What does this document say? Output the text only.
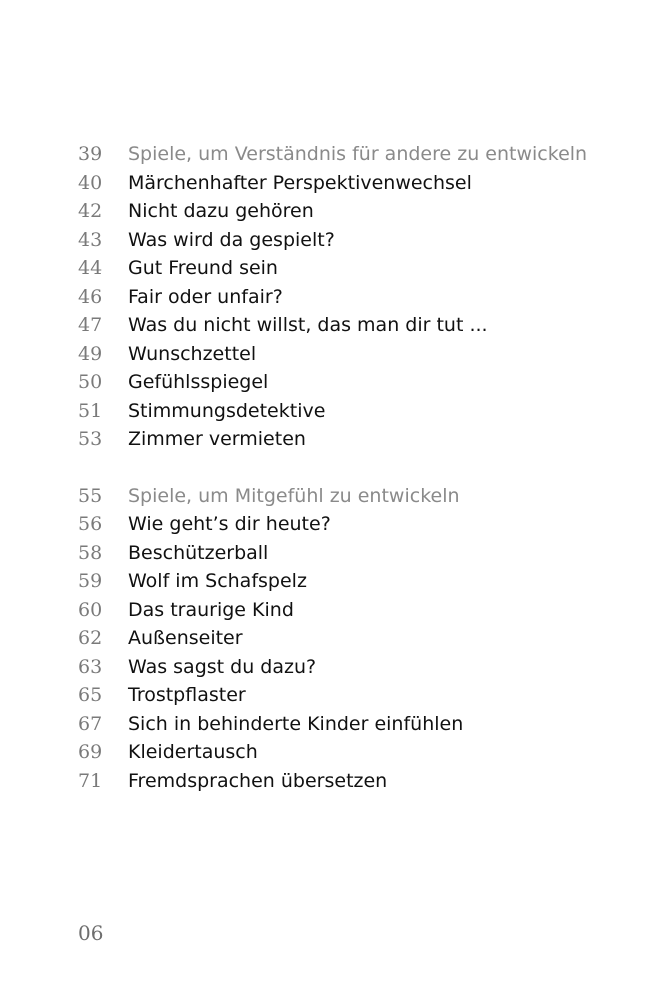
39	Spiele, um Verständnis für andere zu entwickeln
40	Märchenhafter Perspektivenwechsel
42	Nicht dazu gehören
43	Was wird da gespielt?
44	Gut Freund sein
46	Fair oder unfair?
47	Was du nicht willst, das man dir tut ...
49	Wunschzettel
50	Gefühlsspiegel
51	Stimmungsdetektive
53	Zimmer vermieten
55	Spiele, um Mitgefühl zu entwickeln
56	Wie geht’s dir heute?
58	Beschützerball
59	Wolf im Schafspelz
60	Das traurige Kind
62	Außenseiter
63	Was sagst du dazu?
65	Trostpflaster
67	Sich in behinderte Kinder einfühlen
69	Kleidertausch
71	Fremdsprachen übersetzen
06
